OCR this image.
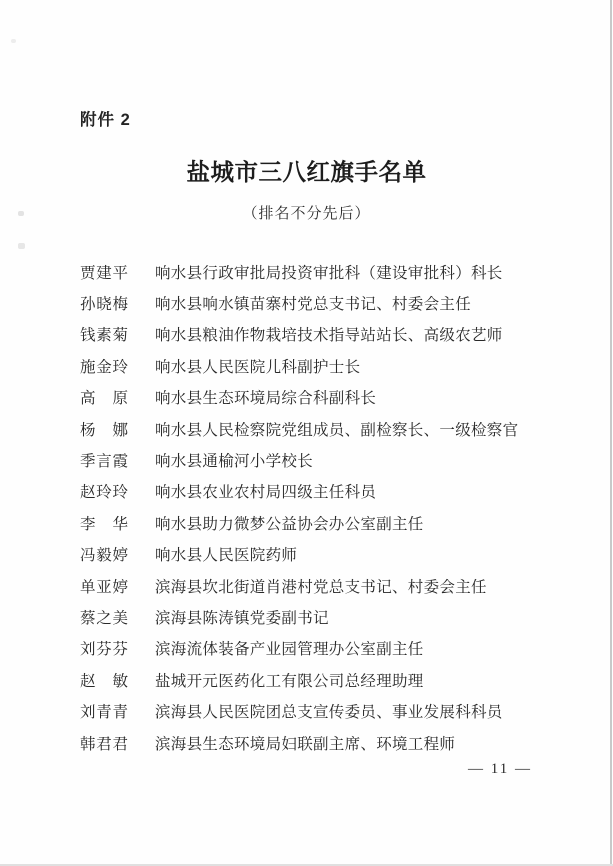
附件 2
盐城市三八红旗手名单
（排名不分先后）
贾建平 响水县行政审批局投资审批科（建设审批科）科长
孙晓梅 响水县响水镇苗寨村党总支书记、村委会主任
钱素菊 响水县粮油作物栽培技术指导站站长、高级农艺师
施金玲 响水县人民医院儿科副护士长
高原 响水县生态环境局综合科副科长
杨娜 响水县人民检察院党组成员、副检察长、一级检察官
季言霞 响水县通榆河小学校长
赵玲玲 响水县农业农村局四级主任科员
李华 响水县助力微梦公益协会办公室副主任
冯毅婷 响水县人民医院药师
单亚婷 滨海县坎北街道肖港村党总支书记、村委会主任
蔡之美 滨海县陈涛镇党委副书记
刘芬芬 滨海流体装备产业园管理办公室副主任
赵敏 盐城开元医药化工有限公司总经理助理
刘青青 滨海县人民医院团总支宣传委员、事业发展科科员
韩君君 滨海县生态环境局妇联副主席、环境工程师
— 11 —
